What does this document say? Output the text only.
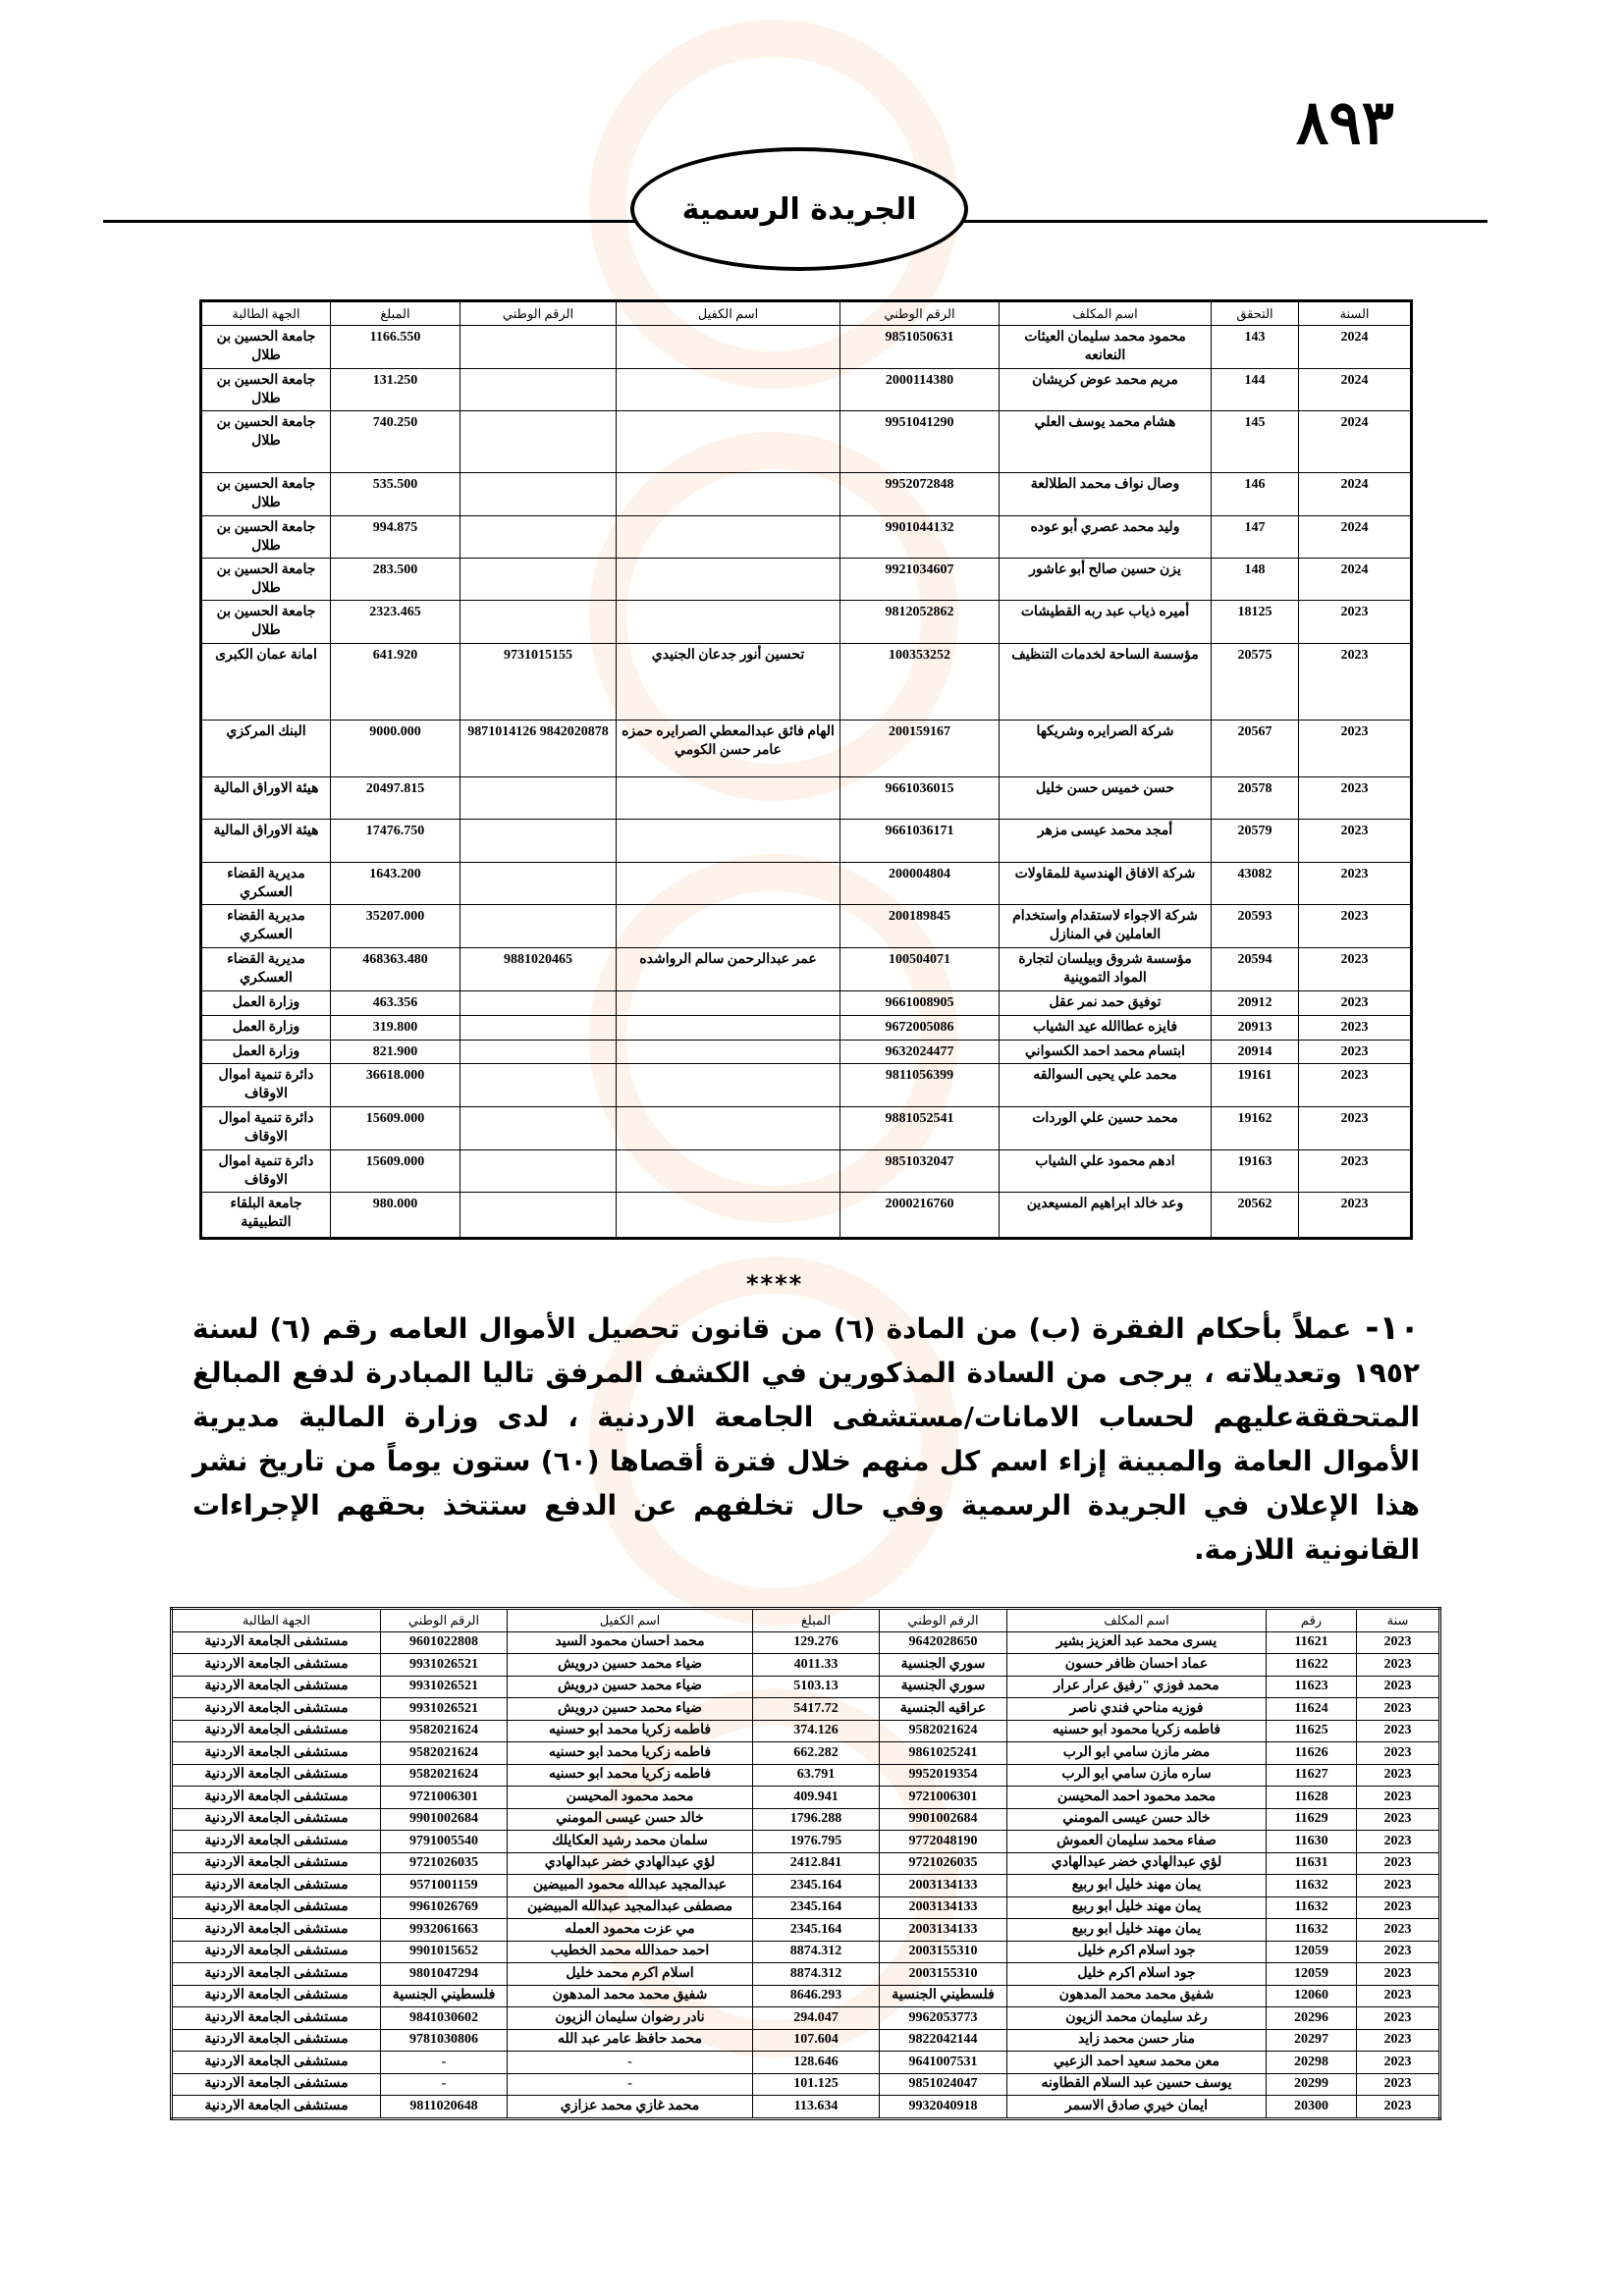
٨٩٣
الجريدة الرسمية
السنة	التحقق	اسم المكلف	الرقم الوطني	اسم الكفيل	الرقم الوطني	المبلغ	الجهة الطالبة
2024	143	محمود محمد سليمان العيثات النعانعه	9851050631			1166.550	جامعة الحسين بن طلال
2024	144	مريم محمد عوض كريشان	2000114380			131.250	جامعة الحسين بن طلال
2024	145	هشام محمد يوسف العلي	9951041290			740.250	جامعة الحسين بن طلال
2024	146	وصال نواف محمد الطلالعة	9952072848			535.500	جامعة الحسين بن طلال
2024	147	وليد محمد عصري أبو عوده	9901044132			994.875	جامعة الحسين بن طلال
2024	148	يزن حسين صالح أبو عاشور	9921034607			283.500	جامعة الحسين بن طلال
2023	18125	أميره ذياب عبد ربه القطيشات	9812052862			2323.465	جامعة الحسين بن طلال
2023	20575	مؤسسة الساحة لخدمات التنظيف	100353252	تحسين أنور جدعان الجنيدي	9731015155	641.920	امانة عمان الكبرى
2023	20567	شركة الصرايره وشريكها	200159167	الهام فائق عبدالمعطي الصرايره حمزه عامر حسن الكومي	9842020878 9871014126	9000.000	البنك المركزي
2023	20578	حسن خميس حسن خليل	9661036015			20497.815	هيئة الاوراق المالية
2023	20579	أمجد محمد عيسى مزهر	9661036171			17476.750	هيئة الاوراق المالية
2023	43082	شركة الافاق الهندسية للمقاولات	200004804			1643.200	مديرية القضاء العسكري
2023	20593	شركة الاجواء لاستقدام واستخدام العاملين في المنازل	200189845			35207.000	مديرية القضاء العسكري
2023	20594	مؤسسة شروق وبيلسان لتجارة المواد التموينية	100504071	عمر عبدالرحمن سالم الرواشده	9881020465	468363.480	مديرية القضاء العسكري
2023	20912	توفيق حمد نمر عقل	9661008905			463.356	وزارة العمل
2023	20913	فايزه عطاالله عيد الشياب	9672005086			319.800	وزارة العمل
2023	20914	ابتسام محمد احمد الكسواني	9632024477			821.900	وزارة العمل
2023	19161	محمد علي يحيى السوالقه	9811056399			36618.000	دائرة تنمية اموال الاوقاف
2023	19162	محمد حسين علي الوردات	9881052541			15609.000	دائرة تنمية اموال الاوقاف
2023	19163	ادهم محمود علي الشياب	9851032047			15609.000	دائرة تنمية اموال الاوقاف
2023	20562	وعد خالد ابراهيم المسيعدين	2000216760			980.000	جامعة البلقاء التطبيقية
****
١٠-
عملاً بأحكام الفقرة (ب) من المادة (٦) من قانون تحصيل الأموال العامه رقم (٦) لسنة ١٩٥٢ وتعديلاته ، يرجى من السادة المذكورين في الكشف المرفق تاليا المبادرة لدفع المبالغ المتحققةعليهم لحساب الامانات/مستشفى الجامعة الاردنية ، لدى وزارة المالية مديرية الأموال العامة والمبينة إزاء اسم كل منهم خلال فترة أقصاها (٦٠) ستون يوماً من تاريخ نشر هذا الإعلان في الجريدة الرسمية وفي حال تخلفهم عن الدفع ستتخذ بحقهم الإجراءات القانونية اللازمة.
سنة	رقم	اسم المكلف	الرقم الوطني	المبلغ	اسم الكفيل	الرقم الوطني	الجهة الطالبة
2023	11621	يسرى محمد عبد العزيز بشير	9642028650	129.276	محمد احسان محمود السيد	9601022808	مستشفى الجامعة الاردنية
2023	11622	عماد احسان ظافر حسون	سوري الجنسية	4011.33	ضياء محمد حسين درويش	9931026521	مستشفى الجامعة الاردنية
2023	11623	محمد فوزي "رفيق عرار عرار	سوري الجنسية	5103.13	ضياء محمد حسين درويش	9931026521	مستشفى الجامعة الاردنية
2023	11624	فوزيه مناحي فندي ناصر	عراقيه الجنسية	5417.72	ضياء محمد حسين درويش	9931026521	مستشفى الجامعة الاردنية
2023	11625	فاطمه زكريا محمود ابو حسنيه	9582021624	374.126	فاطمه زكريا محمد ابو حسنيه	9582021624	مستشفى الجامعة الاردنية
2023	11626	مضر مازن سامي ابو الرب	9861025241	662.282	فاطمه زكريا محمد ابو حسنيه	9582021624	مستشفى الجامعة الاردنية
2023	11627	ساره مازن سامي ابو الرب	9952019354	63.791	فاطمه زكريا محمد ابو حسنيه	9582021624	مستشفى الجامعة الاردنية
2023	11628	محمد محمود احمد المحيسن	9721006301	409.941	محمد محمود المحيسن	9721006301	مستشفى الجامعة الاردنية
2023	11629	خالد حسن عيسى المومني	9901002684	1796.288	خالد حسن عيسى المومني	9901002684	مستشفى الجامعة الاردنية
2023	11630	صفاء محمد سليمان العموش	9772048190	1976.795	سلمان محمد رشيد العكايلك	9791005540	مستشفى الجامعة الاردنية
2023	11631	لؤي عبدالهادي خضر عبدالهادي	9721026035	2412.841	لؤي عبدالهادي خضر عبدالهادي	9721026035	مستشفى الجامعة الاردنية
2023	11632	يمان مهند خليل ابو ربيع	2003134133	2345.164	عبدالمجيد عبدالله محمود المبيضين	9571001159	مستشفى الجامعة الاردنية
2023	11632	يمان مهند خليل ابو ربيع	2003134133	2345.164	مصطفى عبدالمجيد عبدالله المبيضين	9961026769	مستشفى الجامعة الاردنية
2023	11632	يمان مهند خليل ابو ربيع	2003134133	2345.164	مي عزت محمود العمله	9932061663	مستشفى الجامعة الاردنية
2023	12059	جود اسلام اكرم خليل	2003155310	8874.312	احمد حمدالله محمد الخطيب	9901015652	مستشفى الجامعة الاردنية
2023	12059	جود اسلام اكرم خليل	2003155310	8874.312	اسلام اكرم محمد خليل	9801047294	مستشفى الجامعة الاردنية
2023	12060	شفيق محمد محمد المدهون	فلسطيني الجنسية	8646.293	شفيق محمد محمد المدهون	فلسطيني الجنسية	مستشفى الجامعة الاردنية
2023	20296	رغد سليمان محمد الزيون	9962053773	294.047	نادر رضوان سليمان الزيون	9841030602	مستشفى الجامعة الاردنية
2023	20297	منار حسن محمد زايد	9822042144	107.604	محمد حافظ عامر عبد الله	9781030806	مستشفى الجامعة الاردنية
2023	20298	معن محمد سعيد احمد الزعبي	9641007531	128.646	-	-	مستشفى الجامعة الاردنية
2023	20299	يوسف حسين عبد السلام القطاونه	9851024047	101.125	-	-	مستشفى الجامعة الاردنية
2023	20300	ايمان خيري صادق الاسمر	9932040918	113.634	محمد غازي محمد عزازي	9811020648	مستشفى الجامعة الاردنية
